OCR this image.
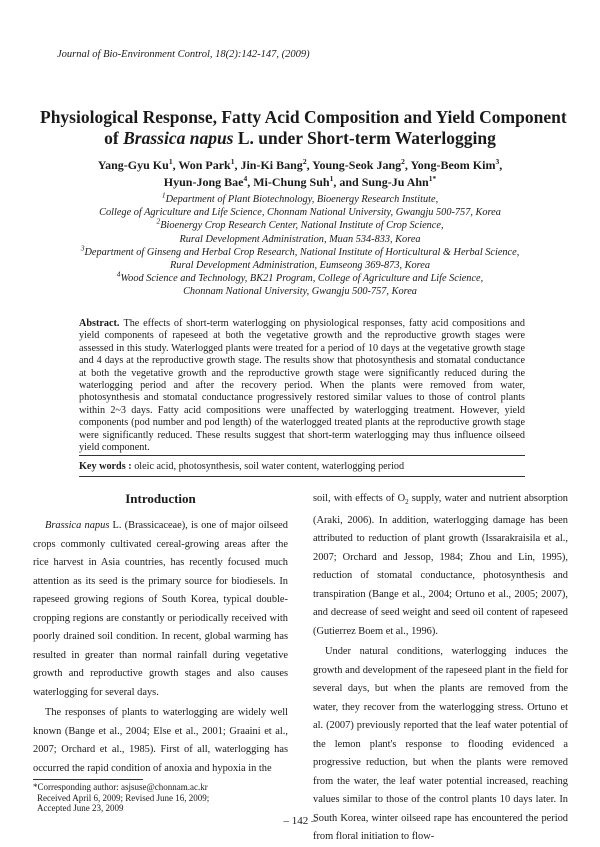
Journal of Bio-Environment Control, 18(2):142-147, (2009)
Physiological Response, Fatty Acid Composition and Yield Component
of Brassica napus L. under Short-term Waterlogging
Yang-Gyu Ku$^1$, Won Park$^1$, Jin-Ki Bang$^2$, Young-Seok Jang$^2$, Yong-Beom Kim$^3$,
Hyun-Jong Bae$^4$, Mi-Chung Suh$^1$, and Sung-Ju Ahn$^{1*}$
$^1$Department of Plant Biotechnology, Bioenergy Research Institute,
College of Agriculture and Life Science, Chonnam National University, Gwangju 500-757, Korea
$^2$Bioenergy Crop Research Center, National Institute of Crop Science,
Rural Development Administration, Muan 534-833, Korea
$^3$Department of Ginseng and Herbal Crop Research, National Institute of Horticultural & Herbal Science,
Rural Development Administration, Eumseong 369-873, Korea
$^4$Wood Science and Technology, BK21 Program, College of Agriculture and Life Science,
Chonnam National University, Gwangju 500-757, Korea
Abstract. The effects of short-term waterlogging on physiological responses, fatty acid compositions and yield components of rapeseed at both the vegetative growth and the reproductive growth stages were assessed in this study. Waterlogged plants were treated for a period of 10 days at the vegetative growth stage and 4 days at the reproductive growth stage. The results show that photosynthesis and stomatal conductance at both the vegetative growth and the reproductive growth stage were significantly reduced during the waterlogging period and after the recovery period. When the plants were removed from water, photosynthesis and stomatal conductance progressively restored similar values to those of control plants within 2~3 days. Fatty acid compositions were unaffected by waterlogging treatment. However, yield components (pod number and pod length) of the waterlogged treated plants at the reproductive growth stage were significantly reduced. These results suggest that short-term waterlogging may thus influence oilseed yield component.
Key words : oleic acid, photosynthesis, soil water content, waterlogging period
Introduction

Brassica napus L. (Brassicaceae), is one of major oilseed crops commonly cultivated cereal-growing areas after the rice harvest in Asia countries, has recently focused much attention as its seed is the primary source for biodiesels. In rapeseed growing regions of South Korea, typical double-cropping regions are constantly or periodically received with poorly drained soil condition. In recent, global warming has resulted in greater than normal rainfall during vegetative growth and reproductive growth stages and also causes waterlogging for several days.

The responses of plants to waterlogging are widely well known (Bange et al., 2004; Else et al., 2001; Graaini et al., 2007; Orchard et al., 1985). First of all, waterlogging has occurred the rapid condition of anoxia and hypoxia in the

soil, with effects of $O_2$ supply, water and nutrient absorption (Araki, 2006). In addition, waterlogging damage has been attributed to reduction of plant growth (Issarakraisila et al., 2007; Orchard and Jessop, 1984; Zhou and Lin, 1995), reduction of stomatal conductance, photosynthesis and transpiration (Bange et al., 2004; Ortuno et al., 2005; 2007), and decrease of seed weight and seed oil content of rapeseed (Gutierrez Boem et al., 1996).

Under natural conditions, waterlogging induces the growth and development of the rapeseed plant in the field for several days, but when the plants are removed from the water, they recover from the waterlogging stress. Ortuno et al. (2007) previously reported that the leaf water potential of the lemon plant's response to flooding evidenced a progressive reduction, but when the plants were removed from the water, the leaf water potential increased, reaching values similar to those of the control plants 10 days later. In South Korea, winter oilseed rape has encountered the period from floral initiation to flow-

*Corresponding author: asjsuse@chonnam.ac.kr
Received April 6, 2009; Revised June 16, 2009;
Accepted June 23, 2009
– 142 –
